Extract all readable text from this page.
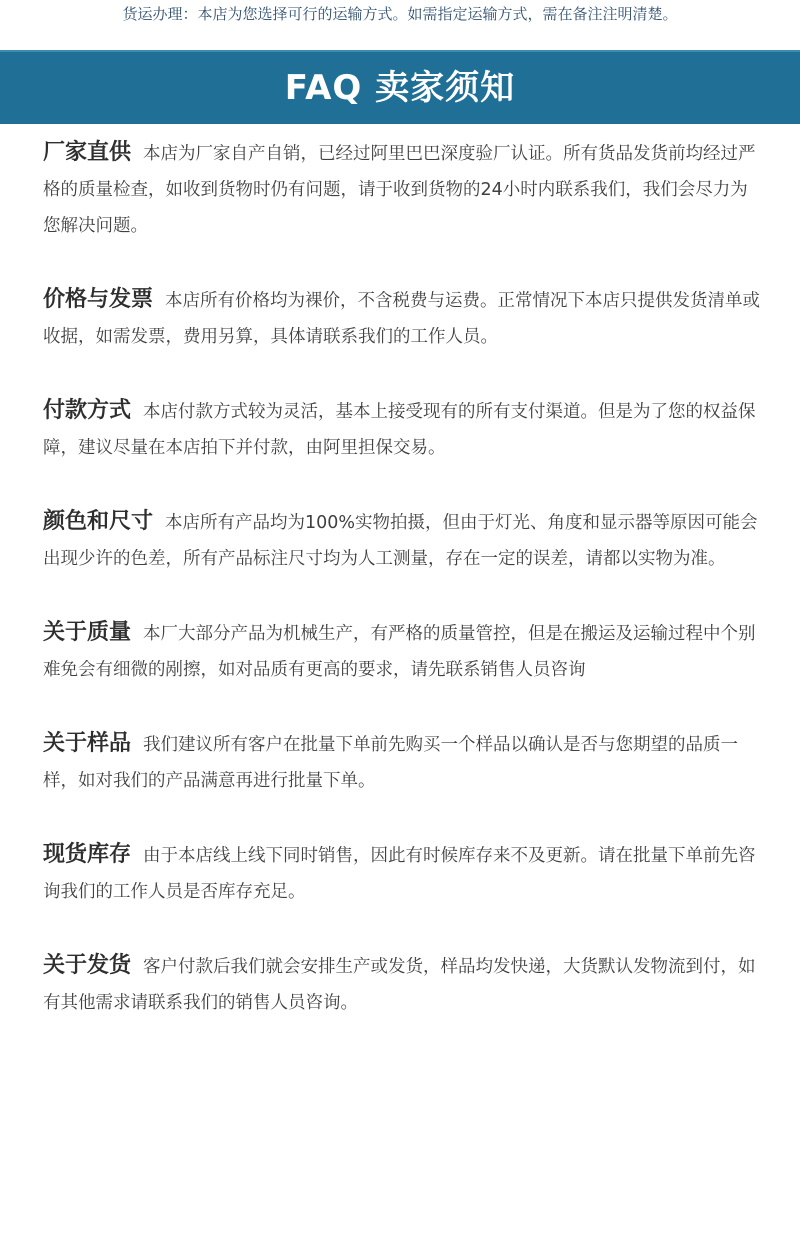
货运办理：本店为您选择可行的运输方式。如需指定运输方式，需在备注注明清楚。
FAQ 卖家须知
厂家直供 本店为厂家自产自销，已经过阿里巴巴深度验厂认证。所有货品发货前均经过严格的质量检查，如收到货物时仍有问题，请于收到货物的24小时内联系我们，我们会尽力为您解决问题。
价格与发票 本店所有价格均为裸价，不含税费与运费。正常情况下本店只提供发货清单或收据，如需发票，费用另算，具体请联系我们的工作人员。
付款方式 本店付款方式较为灵活，基本上接受现有的所有支付渠道。但是为了您的权益保障，建议尽量在本店拍下并付款，由阿里担保交易。
颜色和尺寸 本店所有产品均为100%实物拍摄，但由于灯光、角度和显示器等原因可能会出现少许的色差，所有产品标注尺寸均为人工测量，存在一定的误差，请都以实物为准。
关于质量 本厂大部分产品为机械生产，有严格的质量管控，但是在搬运及运输过程中个别难免会有细微的剐擦，如对品质有更高的要求，请先联系销售人员咨询
关于样品 我们建议所有客户在批量下单前先购买一个样品以确认是否与您期望的品质一样，如对我们的产品满意再进行批量下单。
现货库存 由于本店线上线下同时销售，因此有时候库存来不及更新。请在批量下单前先咨询我们的工作人员是否库存充足。
关于发货 客户付款后我们就会安排生产或发货，样品均发快递，大货默认发物流到付，如有其他需求请联系我们的销售人员咨询。
